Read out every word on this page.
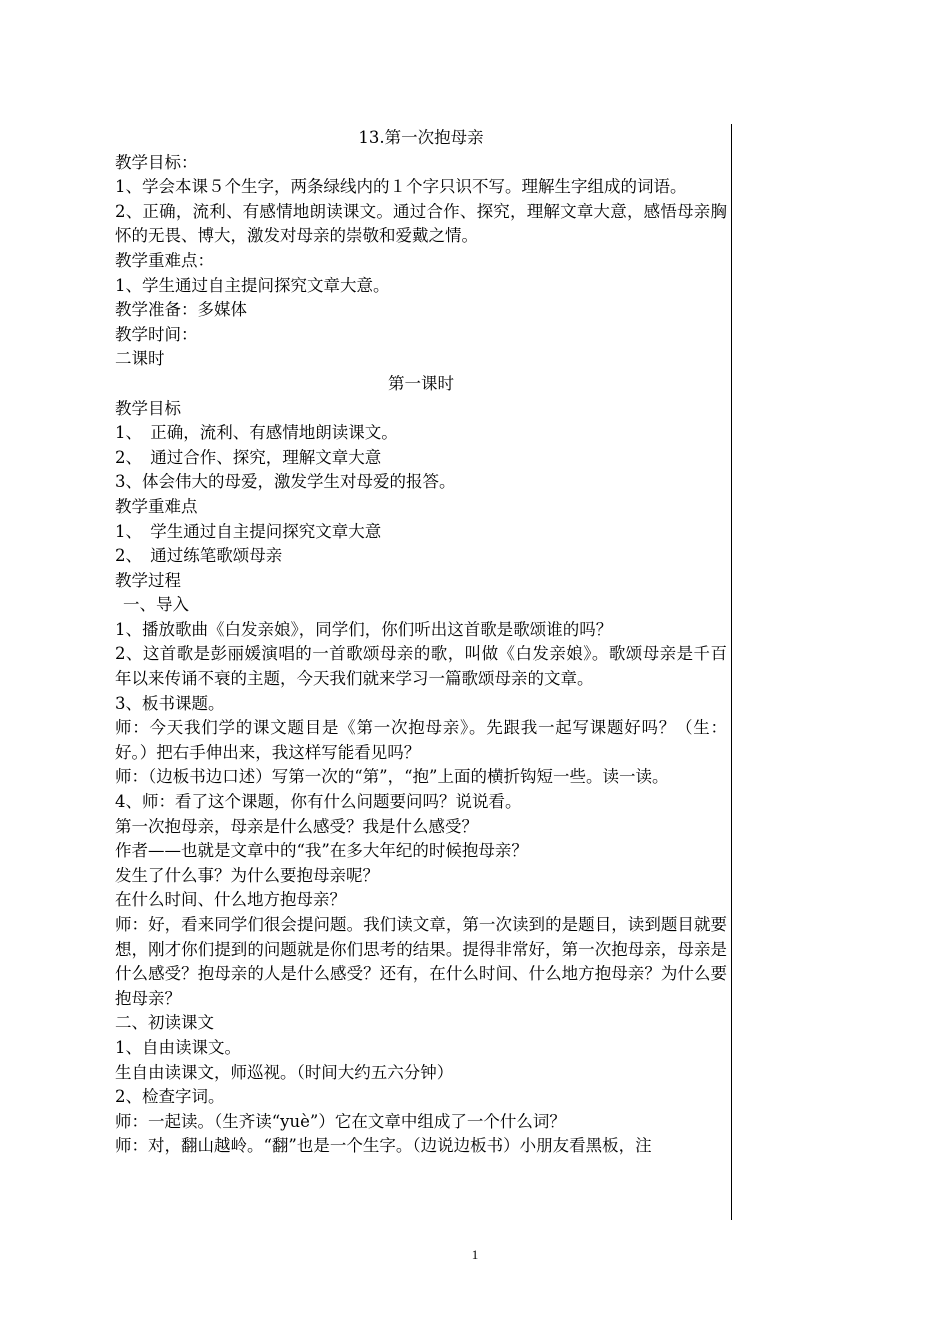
13.第一次抱母亲

教学目标：

1、学会本课５个生字，两条绿线内的１个字只识不写。理解生字组成的词语。

2、正确，流利、有感情地朗读课文。通过合作、探究，理解文章大意，感悟母亲胸怀的无畏、博大，激发对母亲的崇敬和爱戴之情。

教学重难点：

1、学生通过自主提问探究文章大意。

教学准备：多媒体

教学时间：

二课时

第一课时

教学目标

1、　正确，流利、有感情地朗读课文。

2、　通过合作、探究，理解文章大意

3、体会伟大的母爱，激发学生对母爱的报答。

教学重难点

1、　学生通过自主提问探究文章大意

2、　通过练笔歌颂母亲

教学过程

一、导入

1、播放歌曲《白发亲娘》，同学们，你们听出这首歌是歌颂谁的吗？

2、这首歌是彭丽媛演唱的一首歌颂母亲的歌，叫做《白发亲娘》。歌颂母亲是千百年以来传诵不衰的主题，今天我们就来学习一篇歌颂母亲的文章。

3、板书课题。

师：今天我们学的课文题目是《第一次抱母亲》。先跟我一起写课题好吗？（生：好。）把右手伸出来，我这样写能看见吗？

师：（边板书边口述）写第一次的“第”，“抱”上面的横折钩短一些。读一读。

4、师：看了这个课题，你有什么问题要问吗？说说看。

第一次抱母亲，母亲是什么感受？我是什么感受？

作者——也就是文章中的“我”在多大年纪的时候抱母亲？

发生了什么事？为什么要抱母亲呢？

在什么时间、什么地方抱母亲？

师：好，看来同学们很会提问题。我们读文章，第一次读到的是题目，读到题目就要想，刚才你们提到的问题就是你们思考的结果。提得非常好，第一次抱母亲，母亲是什么感受？抱母亲的人是什么感受？还有，在什么时间、什么地方抱母亲？为什么要抱母亲？

二、初读课文

1、自由读课文。

生自由读课文，师巡视。（时间大约五六分钟）

2、检查字词。

师：一起读。（生齐读“yuè”）它在文章中组成了一个什么词？

师：对，翻山越岭。“翻”也是一个生字。（边说边板书）小朋友看黑板，注

1
